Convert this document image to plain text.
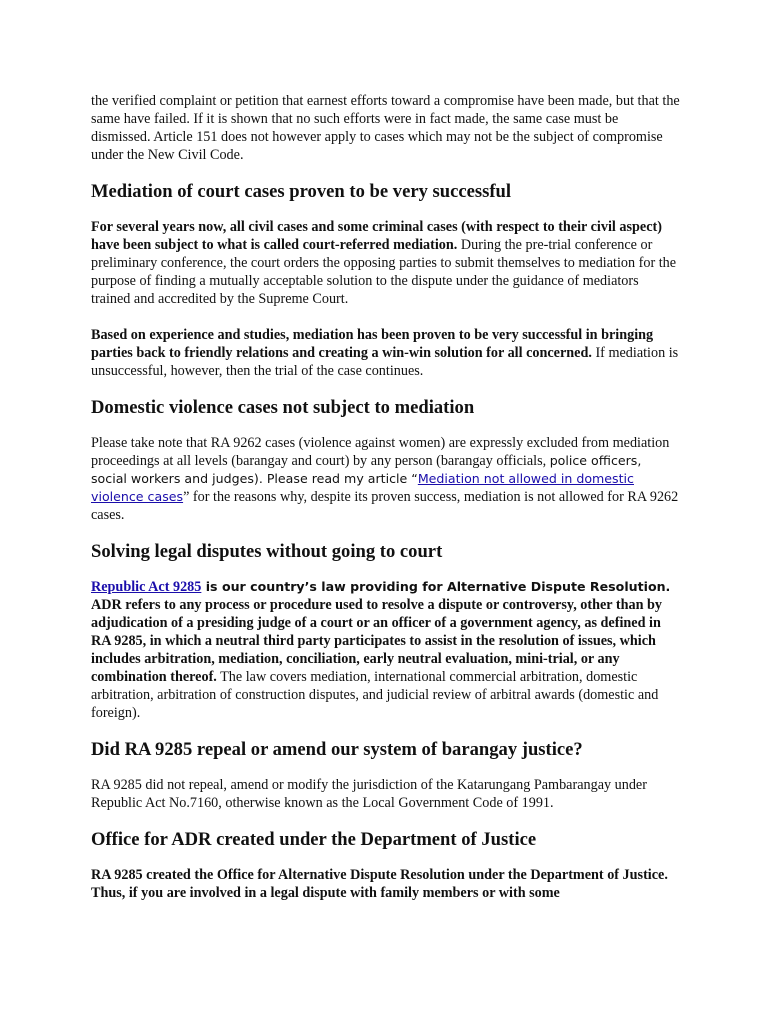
the verified complaint or petition that earnest efforts toward a compromise have been made, but that the same have failed. If it is shown that no such efforts were in fact made, the same case must be dismissed. Article 151 does not however apply to cases which may not be the subject of compromise under the New Civil Code.

Mediation of court cases proven to be very successful

For several years now, all civil cases and some criminal cases (with respect to their civil aspect) have been subject to what is called court-referred mediation. During the pre-trial conference or preliminary conference, the court orders the opposing parties to submit themselves to mediation for the purpose of finding a mutually acceptable solution to the dispute under the guidance of mediators trained and accredited by the Supreme Court.

Based on experience and studies, mediation has been proven to be very successful in bringing parties back to friendly relations and creating a win-win solution for all concerned. If mediation is unsuccessful, however, then the trial of the case continues.

Domestic violence cases not subject to mediation

Please take note that RA 9262 cases (violence against women) are expressly excluded from mediation proceedings at all levels (barangay and court) by any person (barangay officials, police officers, social workers and judges). Please read my article “Mediation not allowed in domestic violence cases” for the reasons why, despite its proven success, mediation is not allowed for RA 9262 cases.

Solving legal disputes without going to court

Republic Act 9285 is our country’s law providing for Alternative Dispute Resolution. ADR refers to any process or procedure used to resolve a dispute or controversy, other than by adjudication of a presiding judge of a court or an officer of a government agency, as defined in RA 9285, in which a neutral third party participates to assist in the resolution of issues, which includes arbitration, mediation, conciliation, early neutral evaluation, mini-trial, or any combination thereof. The law covers mediation, international commercial arbitration, domestic arbitration, arbitration of construction disputes, and judicial review of arbitral awards (domestic and foreign).

Did RA 9285 repeal or amend our system of barangay justice?

RA 9285 did not repeal, amend or modify the jurisdiction of the Katarungang Pambarangay under Republic Act No.7160, otherwise known as the Local Government Code of 1991.

Office for ADR created under the Department of Justice

RA 9285 created the Office for Alternative Dispute Resolution under the Department of Justice. Thus, if you are involved in a legal dispute with family members or with some
